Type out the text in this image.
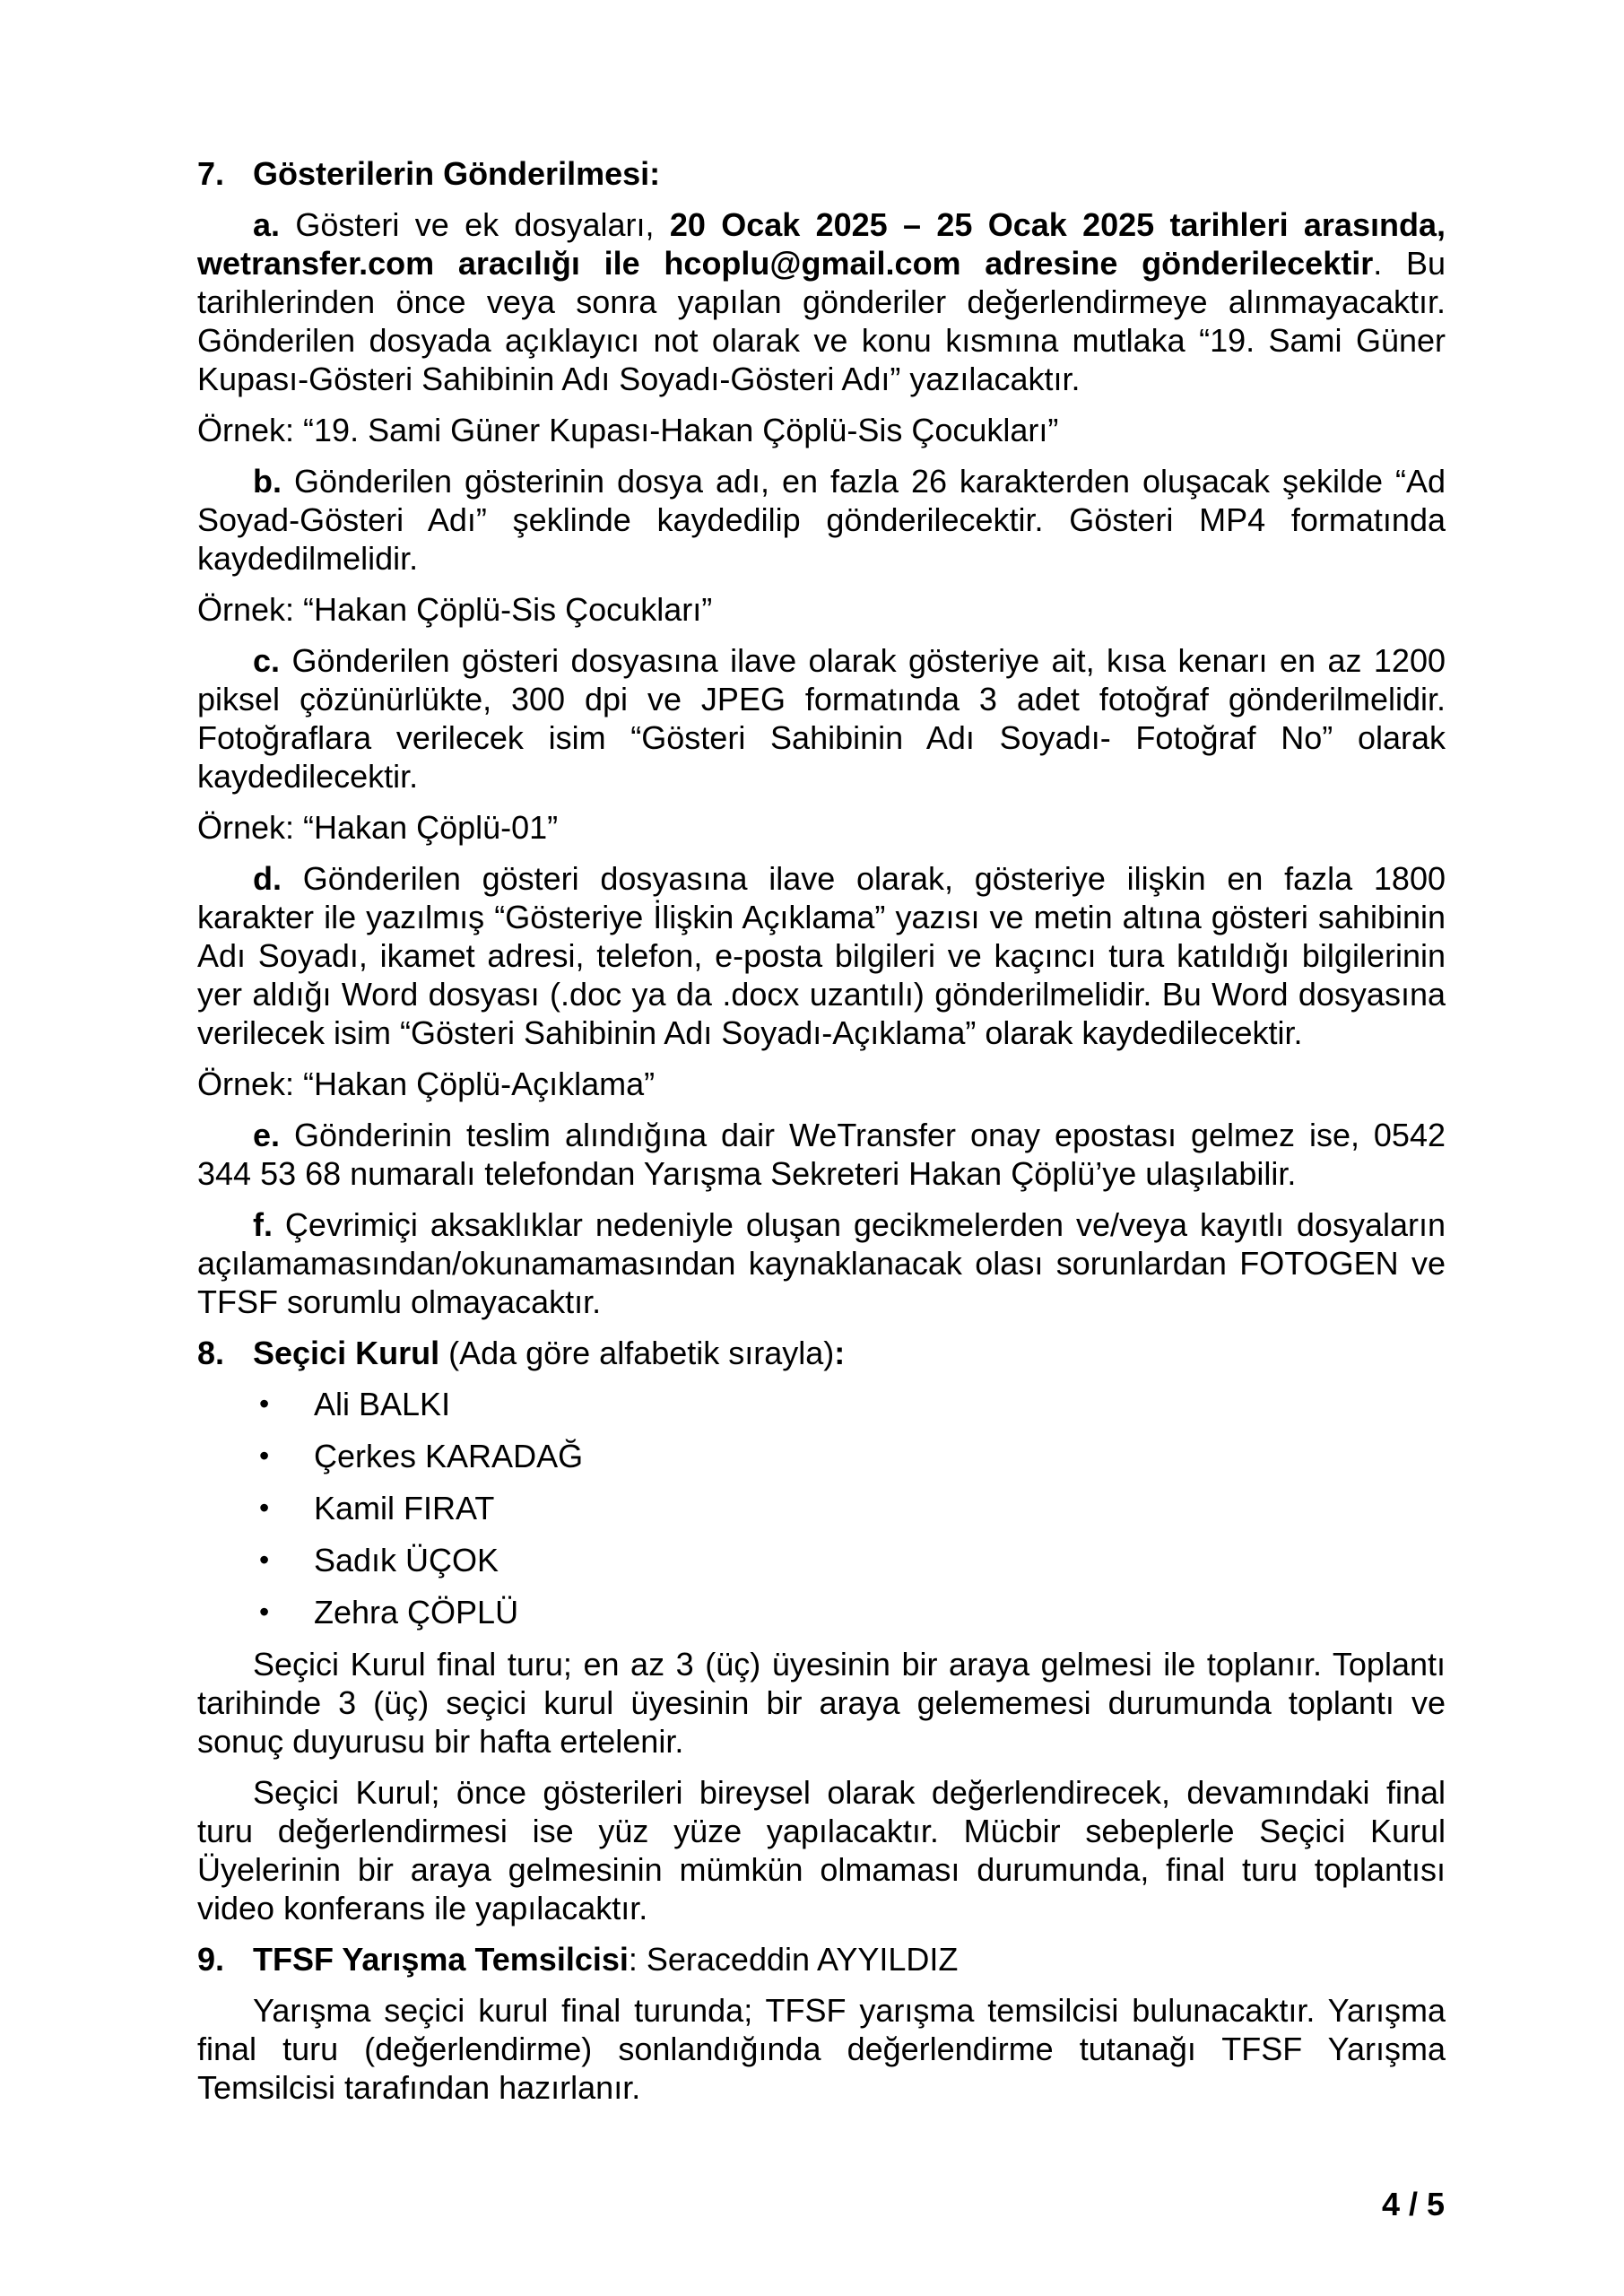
7. Gösterilerin Gönderilmesi:
a. Gösteri ve ek dosyaları, 20 Ocak 2025 – 25 Ocak 2025 tarihleri arasında, wetransfer.com aracılığı ile hcoplu@gmail.com adresine gönderilecektir. Bu tarihlerinden önce veya sonra yapılan gönderiler değerlendirmeye alınmayacaktır. Gönderilen dosyada açıklayıcı not olarak ve konu kısmına mutlaka “19. Sami Güner Kupası-Gösteri Sahibinin Adı Soyadı-Gösteri Adı” yazılacaktır.
Örnek: “19. Sami Güner Kupası-Hakan Çöplü-Sis Çocukları”
b. Gönderilen gösterinin dosya adı, en fazla 26 karakterden oluşacak şekilde “Ad Soyad-Gösteri Adı” şeklinde kaydedilip gönderilecektir. Gösteri MP4 formatında kaydedilmelidir.
Örnek: “Hakan Çöplü-Sis Çocukları”
c. Gönderilen gösteri dosyasına ilave olarak gösteriye ait, kısa kenarı en az 1200 piksel çözünürlükte, 300 dpi ve JPEG formatında 3 adet fotoğraf gönderilmelidir. Fotoğraflara verilecek isim “Gösteri Sahibinin Adı Soyadı- Fotoğraf No” olarak kaydedilecektir.
Örnek: “Hakan Çöplü-01”
d. Gönderilen gösteri dosyasına ilave olarak, gösteriye ilişkin en fazla 1800 karakter ile yazılmış “Gösteriye İlişkin Açıklama” yazısı ve metin altına gösteri sahibinin Adı Soyadı, ikamet adresi, telefon, e-posta bilgileri ve kaçıncı tura katıldığı bilgilerinin yer aldığı Word dosyası (.doc ya da .docx uzantılı) gönderilmelidir. Bu Word dosyasına verilecek isim “Gösteri Sahibinin Adı Soyadı-Açıklama” olarak kaydedilecektir.
Örnek: “Hakan Çöplü-Açıklama”
e. Gönderinin teslim alındığına dair WeTransfer onay epostası gelmez ise, 0542 344 53 68 numaralı telefondan Yarışma Sekreteri Hakan Çöplü’ye ulaşılabilir.
f. Çevrimiçi aksaklıklar nedeniyle oluşan gecikmelerden ve/veya kayıtlı dosyaların açılamamasından/okunamamasından kaynaklanacak olası sorunlardan FOTOGEN ve TFSF sorumlu olmayacaktır.
8. Seçici Kurul (Ada göre alfabetik sırayla):
•	Ali BALKI
•	Çerkes KARADAĞ
•	Kamil FIRAT
•	Sadık ÜÇOK
•	Zehra ÇÖPLÜ
Seçici Kurul final turu; en az 3 (üç) üyesinin bir araya gelmesi ile toplanır. Toplantı tarihinde 3 (üç) seçici kurul üyesinin bir araya gelememesi durumunda toplantı ve sonuç duyurusu bir hafta ertelenir.
Seçici Kurul; önce gösterileri bireysel olarak değerlendirecek, devamındaki final turu değerlendirmesi ise yüz yüze yapılacaktır. Mücbir sebeplerle Seçici Kurul Üyelerinin bir araya gelmesinin mümkün olmaması durumunda, final turu toplantısı video konferans ile yapılacaktır.
9. TFSF Yarışma Temsilcisi: Seraceddin AYYILDIZ
Yarışma seçici kurul final turunda; TFSF yarışma temsilcisi bulunacaktır. Yarışma final turu (değerlendirme) sonlandığında değerlendirme tutanağı TFSF Yarışma Temsilcisi tarafından hazırlanır.
4 / 5
